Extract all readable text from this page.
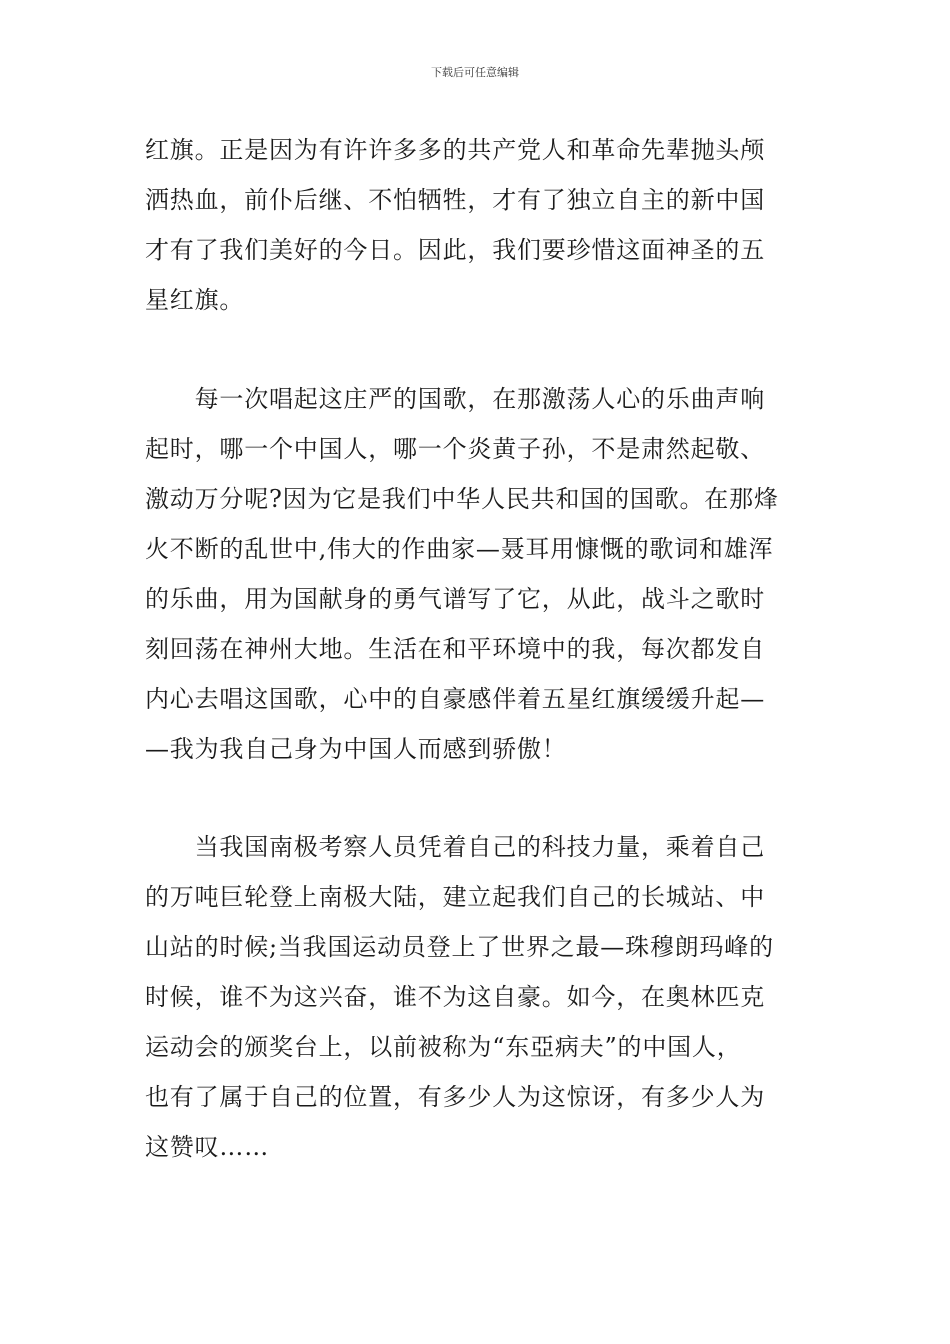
下载后可任意编辑
红旗。正是因为有许许多多的共产党人和革命先辈抛头颅
洒热血，前仆后继、不怕牺牲，才有了独立自主的新中国
才有了我们美好的今日。因此，我们要珍惜这面神圣的五
星红旗。
　　每一次唱起这庄严的国歌，在那激荡人心的乐曲声响
起时，哪一个中国人，哪一个炎黄子孙，不是肃然起敬、
激动万分呢?因为它是我们中华人民共和国的国歌。在那烽
火不断的乱世中,伟大的作曲家—聂耳用慷慨的歌词和雄浑
的乐曲，用为国献身的勇气谱写了它，从此，战斗之歌时
刻回荡在神州大地。生活在和平环境中的我，每次都发自
内心去唱这国歌，心中的自豪感伴着五星红旗缓缓升起—
—我为我自己身为中国人而感到骄傲！
　　当我国南极考察人员凭着自己的科技力量，乘着自己
的万吨巨轮登上南极大陆，建立起我们自己的长城站、中
山站的时候;当我国运动员登上了世界之最—珠穆朗玛峰的
时候，谁不为这兴奋，谁不为这自豪。如今，在奥林匹克
运动会的颁奖台上，以前被称为“东亞病夫”的中国人，
也有了属于自己的位置，有多少人为这惊讶，有多少人为
这赞叹……
